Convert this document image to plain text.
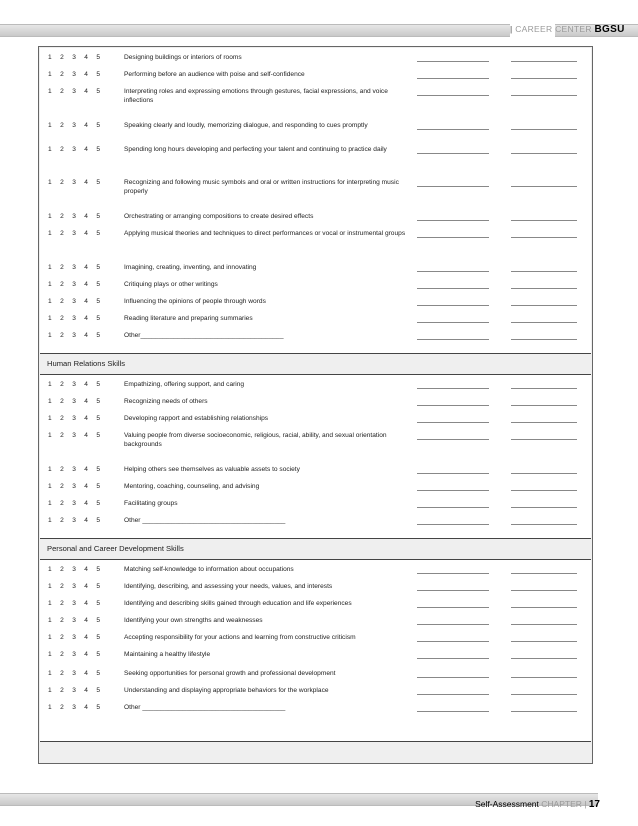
| CAREER CENTER BGSU
1 2 3 4 5	Designing buildings or interiors of rooms
1 2 3 4 5	Performing before an audience with poise and self-confidence
1 2 3 4 5	Interpreting roles and expressing emotions through gestures, facial expressions, and voice inflections
1 2 3 4 5	Speaking clearly and loudly, memorizing dialogue, and responding to cues promptly
1 2 3 4 5	Spending long hours developing and perfecting your talent and continuing to practice daily
1 2 3 4 5	Recognizing and following music symbols and oral or written instructions for interpreting music properly
1 2 3 4 5	Orchestrating or arranging compositions to create desired effects
1 2 3 4 5	Applying musical theories and techniques to direct performances or vocal or instrumental groups
1 2 3 4 5	Imagining, creating, inventing, and innovating
1 2 3 4 5	Critiquing plays or other writings
1 2 3 4 5	Influencing the opinions of people through words
1 2 3 4 5	Reading literature and preparing summaries
1 2 3 4 5	Other_______________________________________
Human Relations Skills
1 2 3 4 5	Empathizing, offering support, and caring
1 2 3 4 5	Recognizing needs of others
1 2 3 4 5	Developing rapport and establishing relationships
1 2 3 4 5	Valuing people from diverse socioeconomic, religious, racial, ability, and sexual orientation backgrounds
1 2 3 4 5	Helping others see themselves as valuable assets to society
1 2 3 4 5	Mentoring, coaching, counseling, and advising
1 2 3 4 5	Facilitating groups
1 2 3 4 5	Other _______________________________________
Personal and Career Development Skills
1 2 3 4 5	Matching self-knowledge to information about occupations
1 2 3 4 5	Identifying, describing, and assessing your needs, values, and interests
1 2 3 4 5	Identifying and describing skills gained through education and life experiences
1 2 3 4 5	Identifying your own strengths and weaknesses
1 2 3 4 5	Accepting responsibility for your actions and learning from constructive criticism
1 2 3 4 5	Maintaining a healthy lifestyle
1 2 3 4 5	Seeking opportunities for personal growth and professional development
1 2 3 4 5	Understanding and displaying appropriate behaviors for the workplace
1 2 3 4 5	Other _______________________________________
Self-Assessment CHAPTER | 17
